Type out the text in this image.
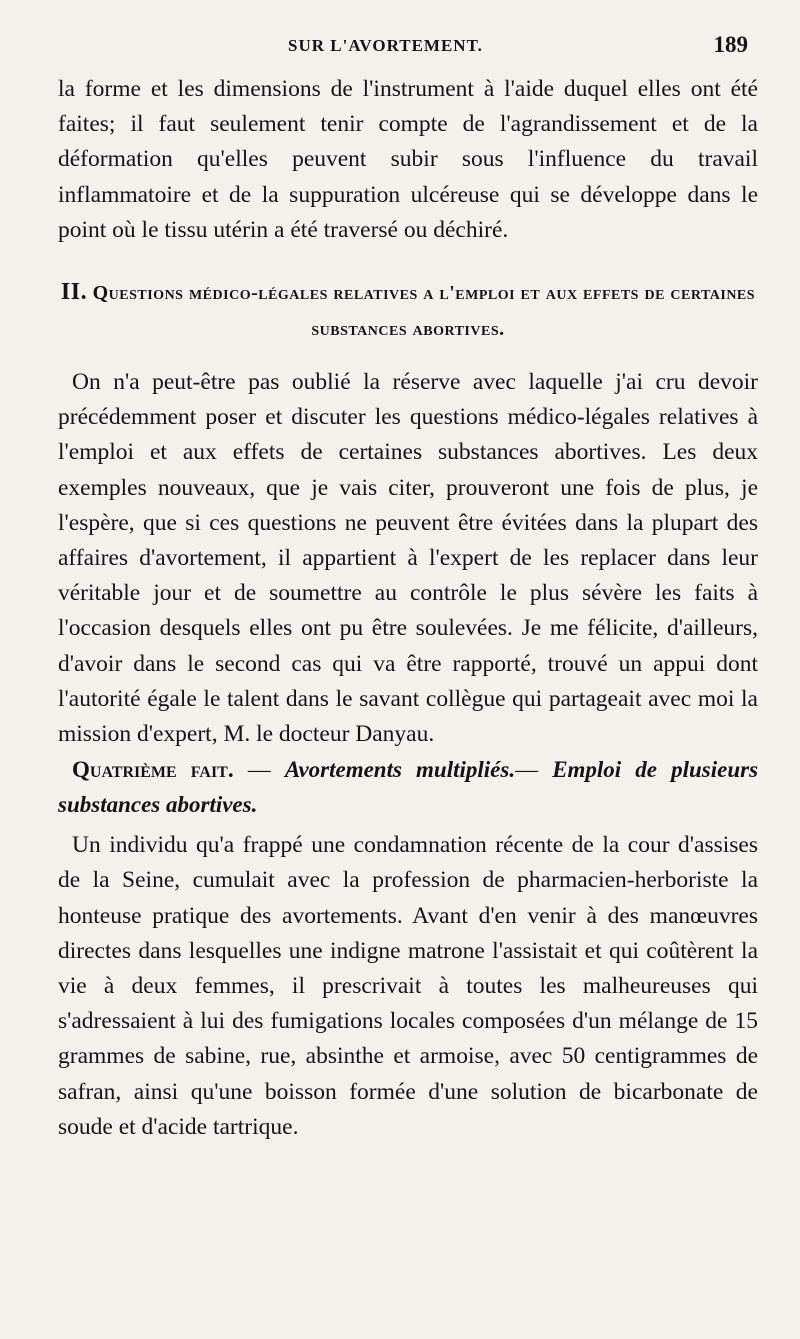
SUR L'AVORTEMENT.	189

la forme et les dimensions de l'instrument à l'aide duquel elles ont été faites; il faut seulement tenir compte de l'agrandissement et de la déformation qu'elles peuvent subir sous l'influence du travail inflammatoire et de la suppuration ulcéreuse qui se développe dans le point où le tissu utérin a été traversé ou déchiré.

II. Questions médico-légales relatives a l'emploi et aux effets de certaines substances abortives.

On n'a peut-être pas oublié la réserve avec laquelle j'ai cru devoir précédemment poser et discuter les questions médico-légales relatives à l'emploi et aux effets de certaines substances abortives. Les deux exemples nouveaux, que je vais citer, prouveront une fois de plus, je l'espère, que si ces questions ne peuvent être évitées dans la plupart des affaires d'avortement, il appartient à l'expert de les replacer dans leur véritable jour et de soumettre au contrôle le plus sévère les faits à l'occasion desquels elles ont pu être soulevées. Je me félicite, d'ailleurs, d'avoir dans le second cas qui va être rapporté, trouvé un appui dont l'autorité égale le talent dans le savant collègue qui partageait avec moi la mission d'expert, M. le docteur Danyau.

Quatrième fait. — Avortements multipliés.— Emploi de plusieurs substances abortives.

Un individu qu'a frappé une condamnation récente de la cour d'assises de la Seine, cumulait avec la profession de pharmacien-herboriste la honteuse pratique des avortements. Avant d'en venir à des manœuvres directes dans lesquelles une indigne matrone l'assistait et qui coûtèrent la vie à deux femmes, il prescrivait à toutes les malheureuses qui s'adressaient à lui des fumigations locales composées d'un mélange de 15 grammes de sabine, rue, absinthe et armoise, avec 50 centigrammes de safran, ainsi qu'une boisson formée d'une solution de bicarbonate de soude et d'acide tartrique.
